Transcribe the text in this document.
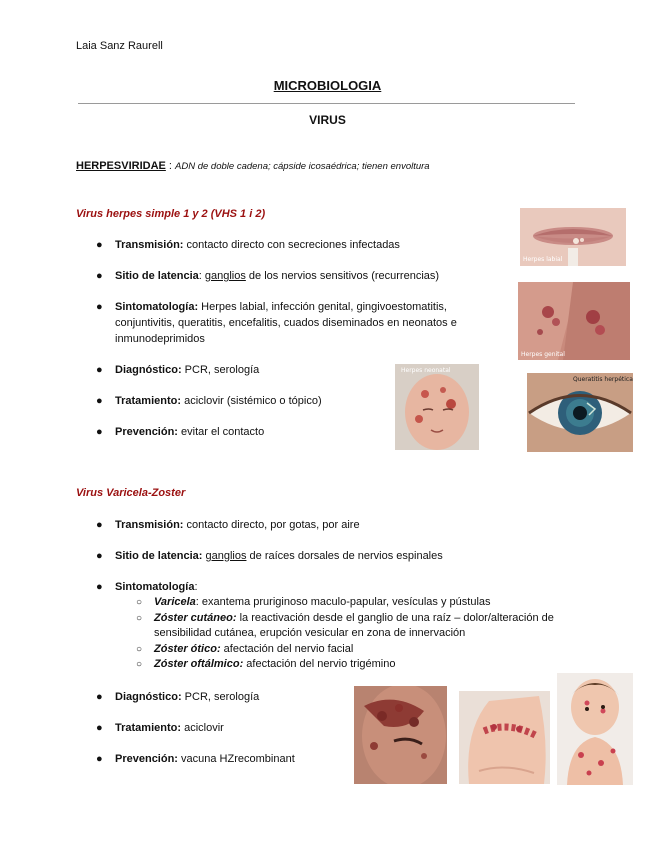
Laia Sanz Raurell
MICROBIOLOGIA
VIRUS
HERPESVIRIDAE : ADN de doble cadena; cápside icosaédrica; tienen envoltura
Virus herpes simple 1 y 2 (VHS 1 i 2)
● Transmisión: contacto directo con secreciones infectadas
● Sitio de latencia: ganglios de los nervios sensitivos (recurrencias)
● Sintomatología: Herpes labial, infección genital, gingivoestomatitis, conjuntivitis, queratitis, encefalitis, cuados diseminados en neonatos e inmunodeprimidos
● Diagnóstico: PCR, serología
● Tratamiento: aciclovir (sistémico o tópico)
● Prevención: evitar el contacto
Herpes labial
Herpes genital
Herpes neonatal
Queratitis herpética
Virus Varicela-Zoster
● Transmisión: contacto directo, por gotas, por aire
● Sitio de latencia: ganglios de raíces dorsales de nervios espinales
● Sintomatología:
○ Varicela: exantema pruriginoso maculo-papular, vesículas y pústulas
○ Zóster cutáneo: la reactivación desde el ganglio de una raíz – dolor/alteración de sensibilidad cutánea, erupción vesicular en zona de innervación
○ Zóster ótico: afectación del nervio facial
○ Zóster oftálmico: afectación del nervio trigémino
● Diagnóstico: PCR, serología
● Tratamiento: aciclovir
● Prevención: vacuna HZrecombinant
